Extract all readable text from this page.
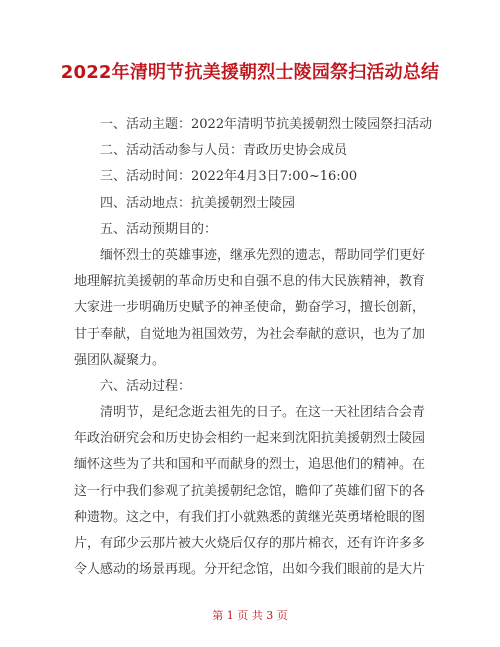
2022年清明节抗美援朝烈士陵园祭扫活动总结
一、活动主题：2022年清明节抗美援朝烈士陵园祭扫活动
二、活动活动参与人员：青政历史协会成员
三、活动时间：2022年4月3日7:00~16:00
四、活动地点：抗美援朝烈士陵园
五、活动预期目的：
缅怀烈士的英雄事迹，继承先烈的遗志，帮助同学们更好
地理解抗美援朝的革命历史和自强不息的伟大民族精神，教育
大家进一步明确历史赋予的神圣使命，勤奋学习，擅长创新，
甘于奉献，自觉地为祖国效劳，为社会奉献的意识，也为了加
强团队凝聚力。
六、活动过程：
清明节，是纪念逝去祖先的日子。在这一天社团结合会青
年政治研究会和历史协会相约一起来到沈阳抗美援朝烈士陵园
缅怀这些为了共和国和平而献身的烈士，追思他们的精神。在
这一行中我们参观了抗美援朝纪念馆，瞻仰了英雄们留下的各
种遗物。这之中，有我们打小就熟悉的黄继光英勇堵枪眼的图
片，有邱少云那片被大火烧后仅存的那片棉衣，还有许许多多
令人感动的场景再现。分开纪念馆，出如今我们眼前的是大片
第 1 页 共 3 页
